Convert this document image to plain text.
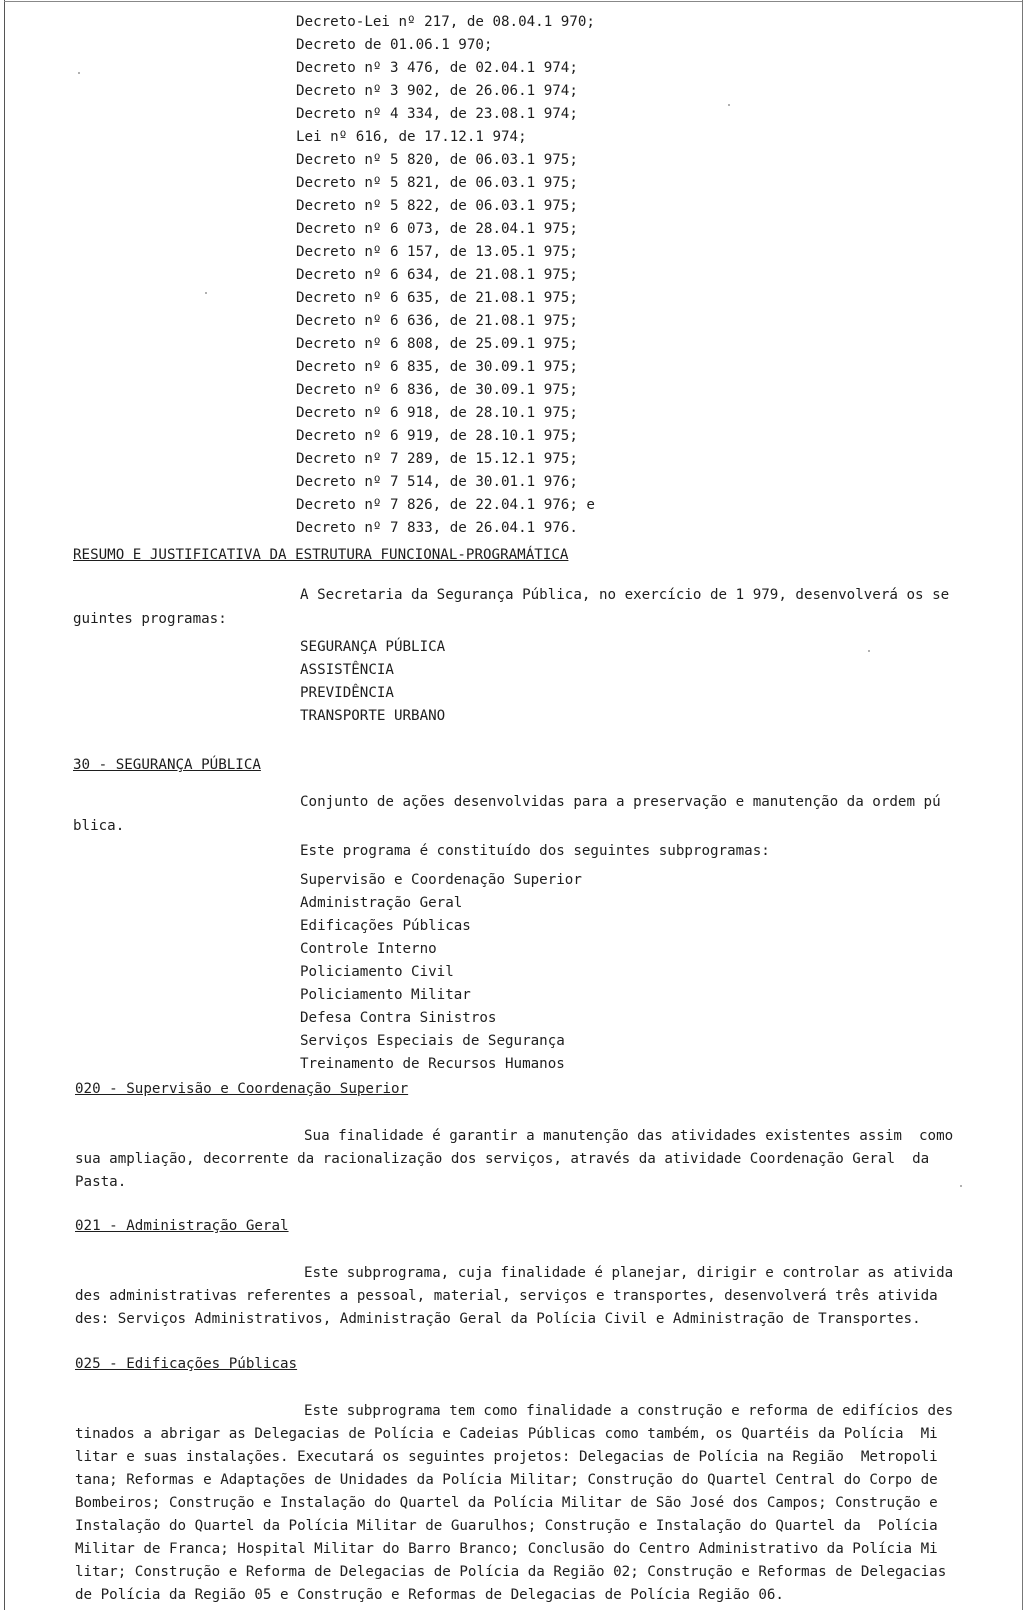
Decreto-Lei nº 217, de 08.04.1 970;
Decreto de 01.06.1 970;
Decreto nº 3 476, de 02.04.1 974;
Decreto nº 3 902, de 26.06.1 974;
Decreto nº 4 334, de 23.08.1 974;
Lei nº 616, de 17.12.1 974;
Decreto nº 5 820, de 06.03.1 975;
Decreto nº 5 821, de 06.03.1 975;
Decreto nº 5 822, de 06.03.1 975;
Decreto nº 6 073, de 28.04.1 975;
Decreto nº 6 157, de 13.05.1 975;
Decreto nº 6 634, de 21.08.1 975;
Decreto nº 6 635, de 21.08.1 975;
Decreto nº 6 636, de 21.08.1 975;
Decreto nº 6 808, de 25.09.1 975;
Decreto nº 6 835, de 30.09.1 975;
Decreto nº 6 836, de 30.09.1 975;
Decreto nº 6 918, de 28.10.1 975;
Decreto nº 6 919, de 28.10.1 975;
Decreto nº 7 289, de 15.12.1 975;
Decreto nº 7 514, de 30.01.1 976;
Decreto nº 7 826, de 22.04.1 976; e
Decreto nº 7 833, de 26.04.1 976.
RESUMO E JUSTIFICATIVA DA ESTRUTURA FUNCIONAL-PROGRAMÁTICA
A Secretaria da Segurança Pública, no exercício de 1 979, desenvolverá os se
guintes programas:
SEGURANÇA PÚBLICA
ASSISTÊNCIA
PREVIDÊNCIA
TRANSPORTE URBANO
30 - SEGURANÇA PÚBLICA
Conjunto de ações desenvolvidas para a preservação e manutenção da ordem pú
blica.
Este programa é constituído dos seguintes subprogramas:
Supervisão e Coordenação Superior
Administração Geral
Edificações Públicas
Controle Interno
Policiamento Civil
Policiamento Militar
Defesa Contra Sinistros
Serviços Especiais de Segurança
Treinamento de Recursos Humanos
020 - Supervisão e Coordenação Superior
Sua finalidade é garantir a manutenção das atividades existentes assim  como
sua ampliação, decorrente da racionalização dos serviços, através da atividade Coordenação Geral  da
Pasta.
021 - Administração Geral
Este subprograma, cuja finalidade é planejar, dirigir e controlar as ativida
des administrativas referentes a pessoal, material, serviços e transportes, desenvolverá três ativida
des: Serviços Administrativos, Administração Geral da Polícia Civil e Administração de Transportes.
025 - Edificações Públicas
Este subprograma tem como finalidade a construção e reforma de edifícios des
tinados a abrigar as Delegacias de Polícia e Cadeias Públicas como também, os Quartéis da Polícia  Mi
litar e suas instalações. Executará os seguintes projetos: Delegacias de Polícia na Região  Metropoli
tana; Reformas e Adaptações de Unidades da Polícia Militar; Construção do Quartel Central do Corpo de
Bombeiros; Construção e Instalação do Quartel da Polícia Militar de São José dos Campos; Construção e
Instalação do Quartel da Polícia Militar de Guarulhos; Construção e Instalação do Quartel da  Polícia
Militar de Franca; Hospital Militar do Barro Branco; Conclusão do Centro Administrativo da Polícia Mi
litar; Construção e Reforma de Delegacias de Polícia da Região 02; Construção e Reformas de Delegacias
de Polícia da Região 05 e Construção e Reformas de Delegacias de Polícia Região 06.
